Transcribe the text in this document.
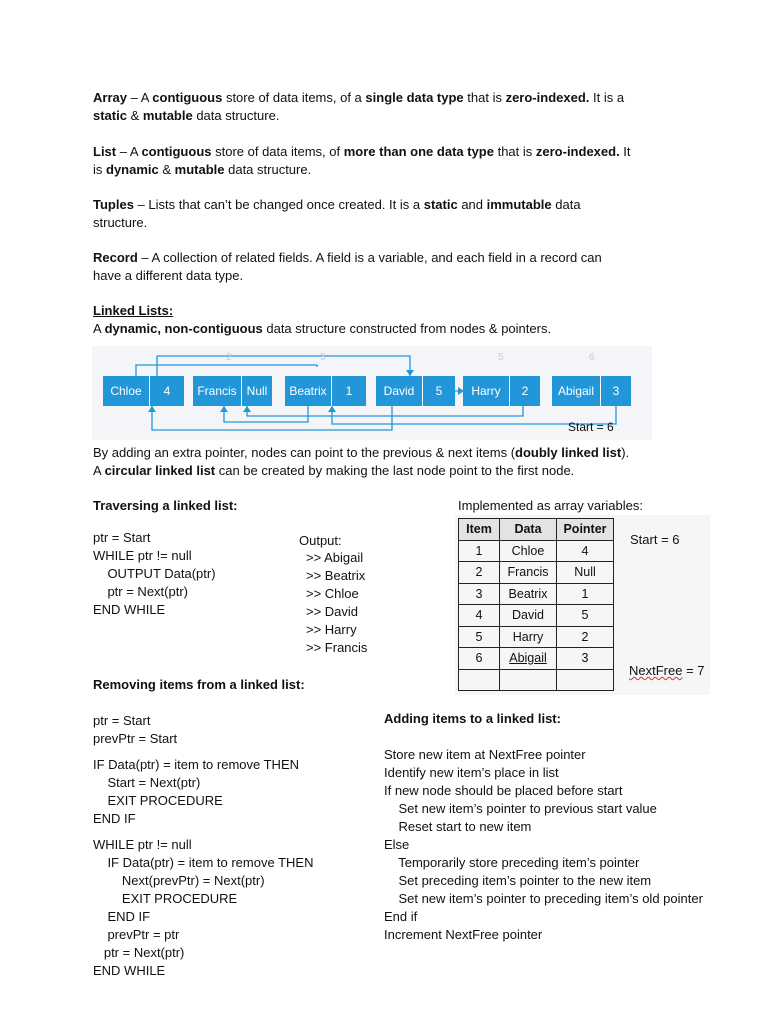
Array – A contiguous store of data items, of a single data type that is zero-indexed. It is a
static & mutable data structure.
List – A contiguous store of data items, of more than one data type that is zero-indexed. It
is dynamic & mutable data structure.
Tuples – Lists that can’t be changed once created. It is a static and immutable data
structure.
Record – A collection of related fields. A field is a variable, and each field in a record can
have a different data type.
Linked Lists:
A dynamic, non-contiguous data structure constructed from nodes & pointers.
2	3	5	6
Chloe	4	Francis Null	Beatrix	1	David	5	Harry	2	Abigail	3
Start = 6
By adding an extra pointer, nodes can point to the previous & next items (doubly linked list).
A circular linked list can be created by making the last node point to the first node.
Traversing a linked list:
ptr = Start
WHILE ptr != null
OUTPUT Data(ptr)
ptr = Next(ptr)
END WHILE
Output:
>> Abigail
>> Beatrix
>> Chloe
>> David
>> Harry
>> Francis
Implemented as array variables:
Item	Data	Pointer
1	Chloe	4
2	Francis	Null
3	Beatrix	1
4	David	5
5	Harry	2
6	Abigail	3

Start = 6
NextFree = 7
Removing items from a linked list:
ptr = Start
prevPtr = Start
IF Data(ptr) = item to remove THEN
Start = Next(ptr)
EXIT PROCEDURE
END IF
WHILE ptr != null
IF Data(ptr) = item to remove THEN
Next(prevPtr) = Next(ptr)
EXIT PROCEDURE
END IF
prevPtr = ptr
ptr = Next(ptr)
END WHILE
Adding items to a linked list:
Store new item at NextFree pointer
Identify new item’s place in list
If new node should be placed before start
Set new item’s pointer to previous start value
Reset start to new item
Else
Temporarily store preceding item’s pointer
Set preceding item’s pointer to the new item
Set new item’s pointer to preceding item’s old pointer
End if
Increment NextFree pointer
